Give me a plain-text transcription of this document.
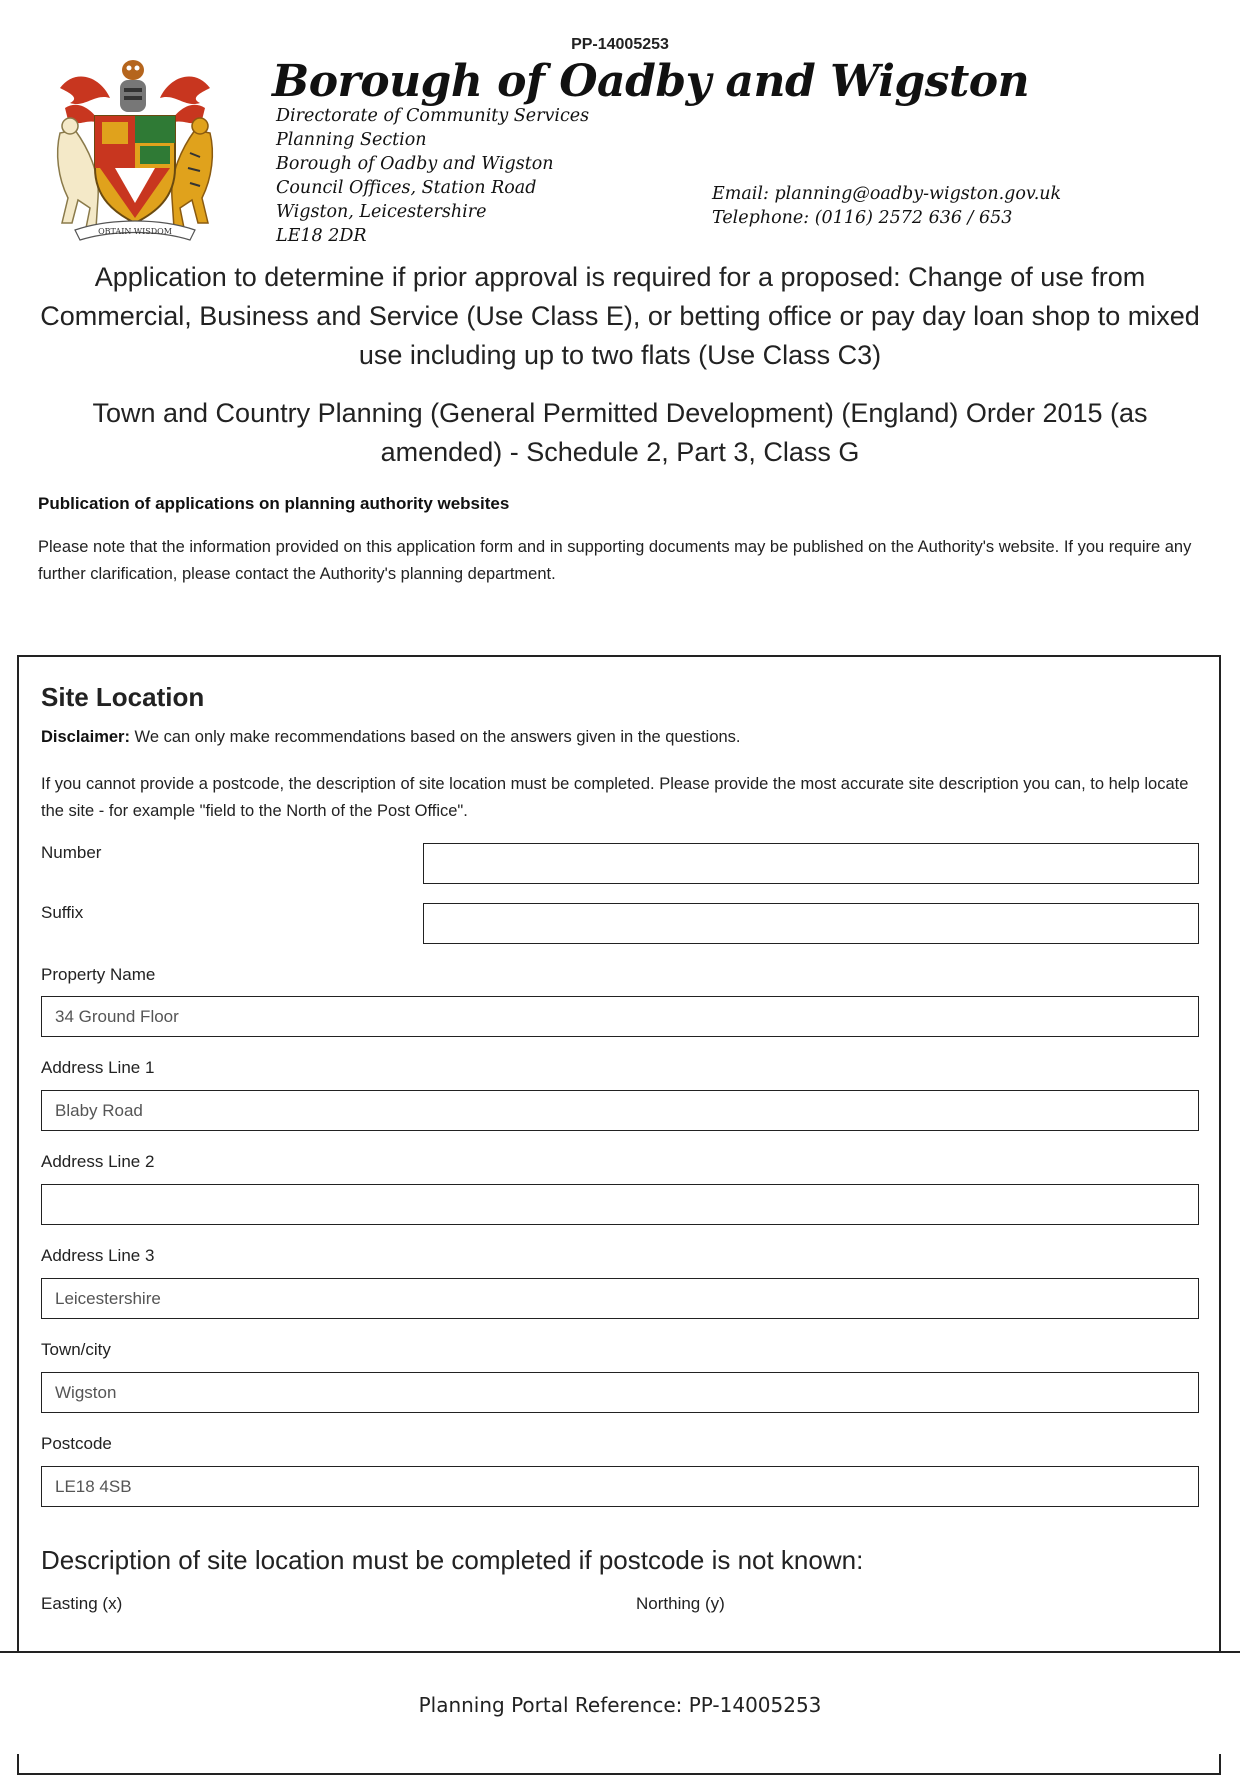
PP-14005253
OBTAIN WISDOM
Borough of Oadby and Wigston
Directorate of Community Services
Planning Section
Borough of Oadby and Wigston
Council Offices, Station Road
Wigston, Leicestershire
LE18 2DR
Email: planning@oadby-wigston.gov.uk
Telephone: (0116) 2572 636 / 653
Application to determine if prior approval is required for a proposed: Change of use from Commercial, Business and Service (Use Class E), or betting office or pay day loan shop to mixed use including up to two flats (Use Class C3)
Town and Country Planning (General Permitted Development) (England) Order 2015 (as amended) - Schedule 2, Part 3, Class G
Publication of applications on planning authority websites
Please note that the information provided on this application form and in supporting documents may be published on the Authority's website. If you require any further clarification, please contact the Authority's planning department.
Site Location
Disclaimer: We can only make recommendations based on the answers given in the questions.
If you cannot provide a postcode, the description of site location must be completed. Please provide the most accurate site description you can, to help locate the site - for example "field to the North of the Post Office".
Number
Suffix
Property Name
34 Ground Floor
Address Line 1
Blaby Road
Address Line 2
Address Line 3
Leicestershire
Town/city
Wigston
Postcode
LE18 4SB
Description of site location must be completed if postcode is not known:
Easting (x)	Northing (y)
Planning Portal Reference: PP-14005253
